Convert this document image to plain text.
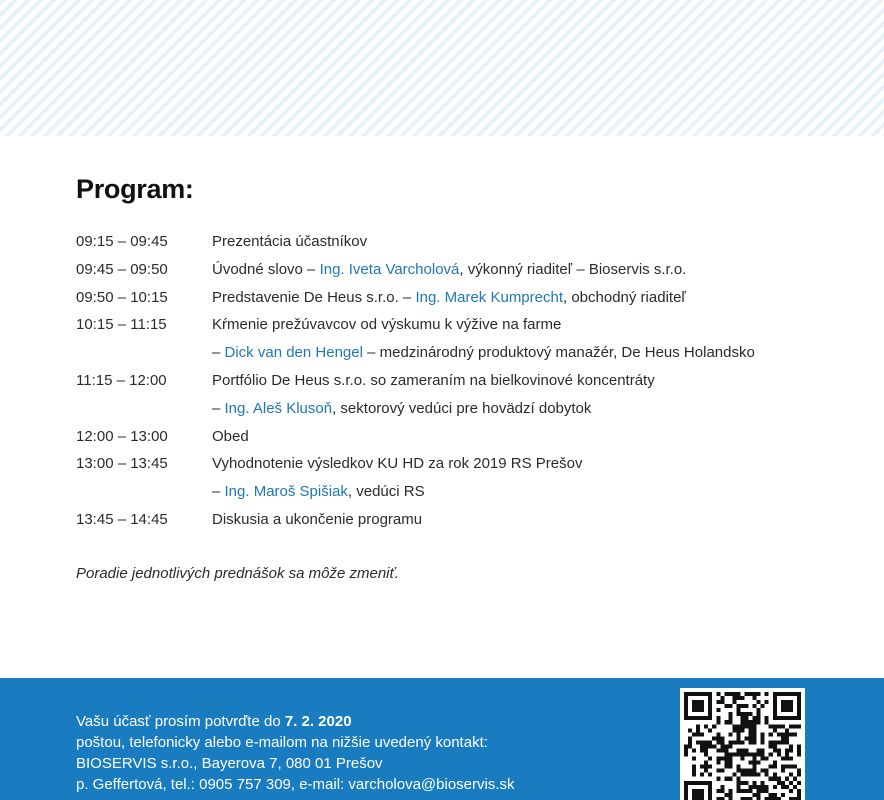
Program:
09:15 – 09:45	Prezentácia účastníkov
09:45 – 09:50	Úvodné slovo – Ing. Iveta Varcholová, výkonný riaditeľ – Bioservis s.r.o.
09:50 – 10:15	Predstavenie De Heus s.r.o. – Ing. Marek Kumprecht, obchodný riaditeľ
10:15 – 11:15	Kŕmenie prežúvavcov od výskumu k výžive na farme
– Dick van den Hengel – medzinárodný produktový manažér, De Heus Holandsko
11:15 – 12:00	Portfólio De Heus s.r.o. so zameraním na bielkovinové koncentráty
– Ing. Aleš Klusoň, sektorový vedúci pre hovädzí dobytok
12:00 – 13:00	Obed
13:00 – 13:45	Vyhodnotenie výsledkov KU HD za rok 2019 RS Prešov
– Ing. Maroš Spišiak, vedúci RS
13:45 – 14:45	Diskusia a ukončenie programu

Poradie jednotlivých prednášok sa môže zmeniť.

Vašu účasť prosím potvrďte do 7. 2. 2020
poštou, telefonicky alebo e-mailom na nižšie uvedený kontakt:
BIOSERVIS s.r.o., Bayerova 7, 080 01 Prešov
p. Geffertová, tel.: 0905 757 309, e-mail: varcholova@bioservis.sk
